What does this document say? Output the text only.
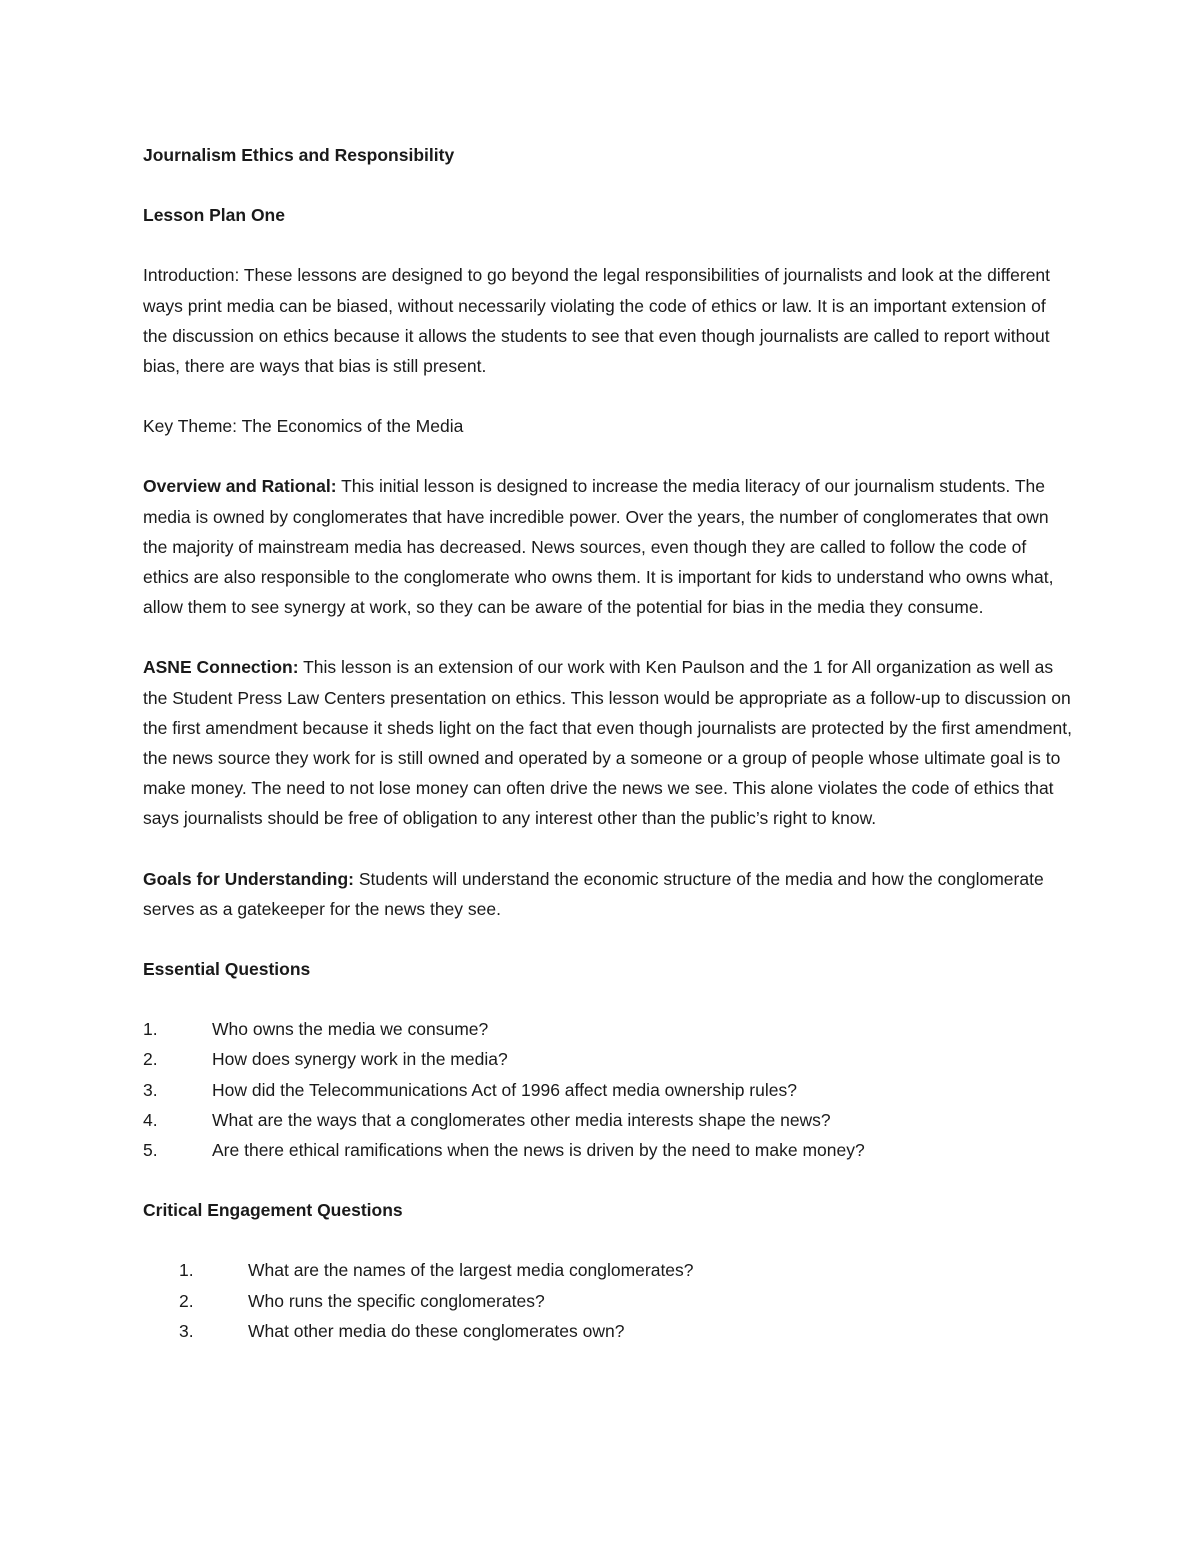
Journalism Ethics and Responsibility

Lesson Plan One

Introduction: These lessons are designed to go beyond the legal responsibilities of journalists and look at the different ways print media can be biased, without necessarily violating the code of ethics or law. It is an important extension of the discussion on ethics because it allows the students to see that even though journalists are called to report without bias, there are ways that bias is still present.

Key Theme: The Economics of the Media

Overview and Rational: This initial lesson is designed to increase the media literacy of our journalism students. The media is owned by conglomerates that have incredible power. Over the years, the number of conglomerates that own the majority of mainstream media has decreased. News sources, even though they are called to follow the code of ethics are also responsible to the conglomerate who owns them. It is important for kids to understand who owns what, allow them to see synergy at work, so they can be aware of the potential for bias in the media they consume.

ASNE Connection: This lesson is an extension of our work with Ken Paulson and the 1 for All organization as well as the Student Press Law Centers presentation on ethics. This lesson would be appropriate as a follow-up to discussion on the first amendment because it sheds light on the fact that even though journalists are protected by the first amendment, the news source they work for is still owned and operated by a someone or a group of people whose ultimate goal is to make money. The need to not lose money can often drive the news we see. This alone violates the code of ethics that says journalists should be free of obligation to any interest other than the public’s right to know.

Goals for Understanding: Students will understand the economic structure of the media and how the conglomerate serves as a gatekeeper for the news they see.

Essential Questions

1.	Who owns the media we consume?
2.	How does synergy work in the media?
3.	How did the Telecommunications Act of 1996 affect media ownership rules?
4.	What are the ways that a conglomerates other media interests shape the news?
5.	Are there ethical ramifications when the news is driven by the need to make money?

Critical Engagement Questions

1.	What are the names of the largest media conglomerates?
2.	Who runs the specific conglomerates?
3.	What other media do these conglomerates own?
